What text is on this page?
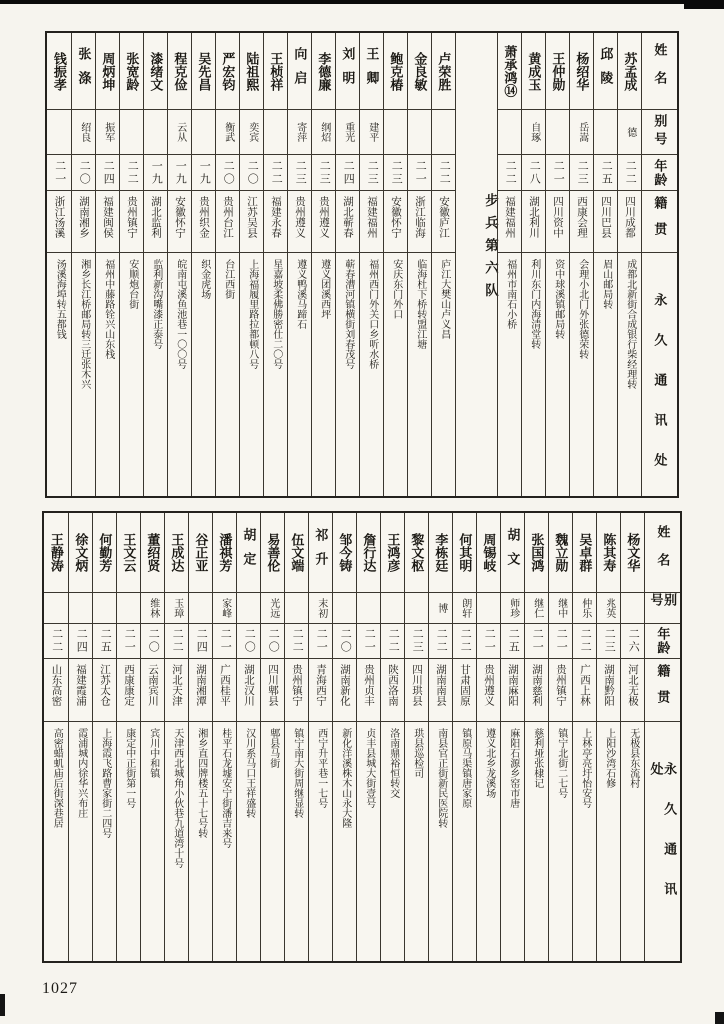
姓名
别号
年龄
籍贯
永久通讯处
苏孟成
德
二二
四川成都
成都北新街合成银行柴经理转
邱陵
二五
四川巴县
眉山邮局转
杨绍华
岳嵩
二三
西康会理
会理小北门外张德荣转
王仲勋
二一
四川资中
资中球溪镇邮局转
黄成玉
自琢
二八
湖北利川
利川东门内海清堂转
萧承鸿⑭
二二
福建福州
福州市南石小桥
步兵第六队
卢荣胜
二二
安徽庐江
庐江大樊山卢义昌
金良敏
二一
浙江临海
临海杜下桥转盟江塘
鲍克椿
二三
安徽怀宁
安庆东门外口
王卿
建平
二三
福建福州
福州西门外关口乡听水桥
刘明
重光
二四
湖北蕲春
蕲春漕河镇横街刘春茂号
李德廉
纲炤
二三
贵州遵义
遵义团溪西坪
向启
寄萍
二三
贵州遵义
遵义鸭溪马蹄石
王桢祥
二二
福建永春
星嘉坡柔佛勝密仕二〇号
陆祖熙
奕宾
二〇
江苏吴县
上海福履里路拉都顿八号
严宏钧
衡武
二〇
贵州台江
台江西街
吴先昌
一九
贵州织金
织金虎场
程克俭
云从
一九
安徽怀宁
皖南屯溪鱼池巷一〇〇号
漆绪文
一九
湖北监利
监利新沟嘴漆正泰号
张宽龄
二二
贵州镇宁
安顺炮台街
周炳坤
振军
二四
福建闽侯
福州中藤路铨兴山东栈
张涤
绍良
二〇
湖南湘乡
湘乡长江桥邮局转三迁张木兴
钱振孝
二一
浙江汤溪
汤溪海埠转五都钱
姓名
别号
年龄
籍贯
永久通讯处
杨文华
二六
河北无极
无极县东流村
陈其寿
兆英
二三
湖南黔阳
上阳沙湾石修
吴卓群
仲乐
二二
广西上林
上林亭亮圩怡安号
魏立勋
继中
二一
贵州镇宁
镇宁北街二七号
张国鸿
继仁
二一
湖南慈利
慈利垭张棣记
胡文
师珍
二五
湖南麻阳
麻阳石源乡窑市唐
周锡岐
二一
贵州遵义
遵义北乡龙溪场
何其明
朗轩
二二
甘肃固原
镇原马渠镇唐家原
李栋廷
博
二二
湖南南县
南县官正街新民医院转
黎文枢
二三
四川珙县
珙县巡检司
王鸿彦
二二
陕西洛南
洛南鼎裕恒转交
詹行达
二一
贵州贞丰
贞丰县城大街壹号
邹今铸
二〇
湖南新化
新化洋溪株木山永大隆
祁升
末初
二一
青海西宁
西宁升平巷一七号
伍文端
二二
贵州镇宁
镇宁南大街周继显转
易善伦
光远
二〇
四川郫县
郫县马街
胡定
二〇
湖北汉川
汉川系马口王祥盛转
潘祺芳
家峰
二一
广西桂平
桂平石龙墟安宁街潘吉来号
谷正亚
二四
湖南湘潭
湘乡直四牌楼五十七号转
王成达
玉璋
二二
河北天津
天津西北城角小伙巷九道湾十号
董绍贤
维林
二〇
云南宾川
宾川中和镇
王文云
二一
西康康定
康定中正街第一号
何勤芳
二五
江苏太仓
上海霞飞路曹家街二四号
徐文炳
二四
福建霞浦
霞浦城内徐华兴布庄
王静涛
二二
山东高密
高密蜡虮庙后街深巷居
1027
